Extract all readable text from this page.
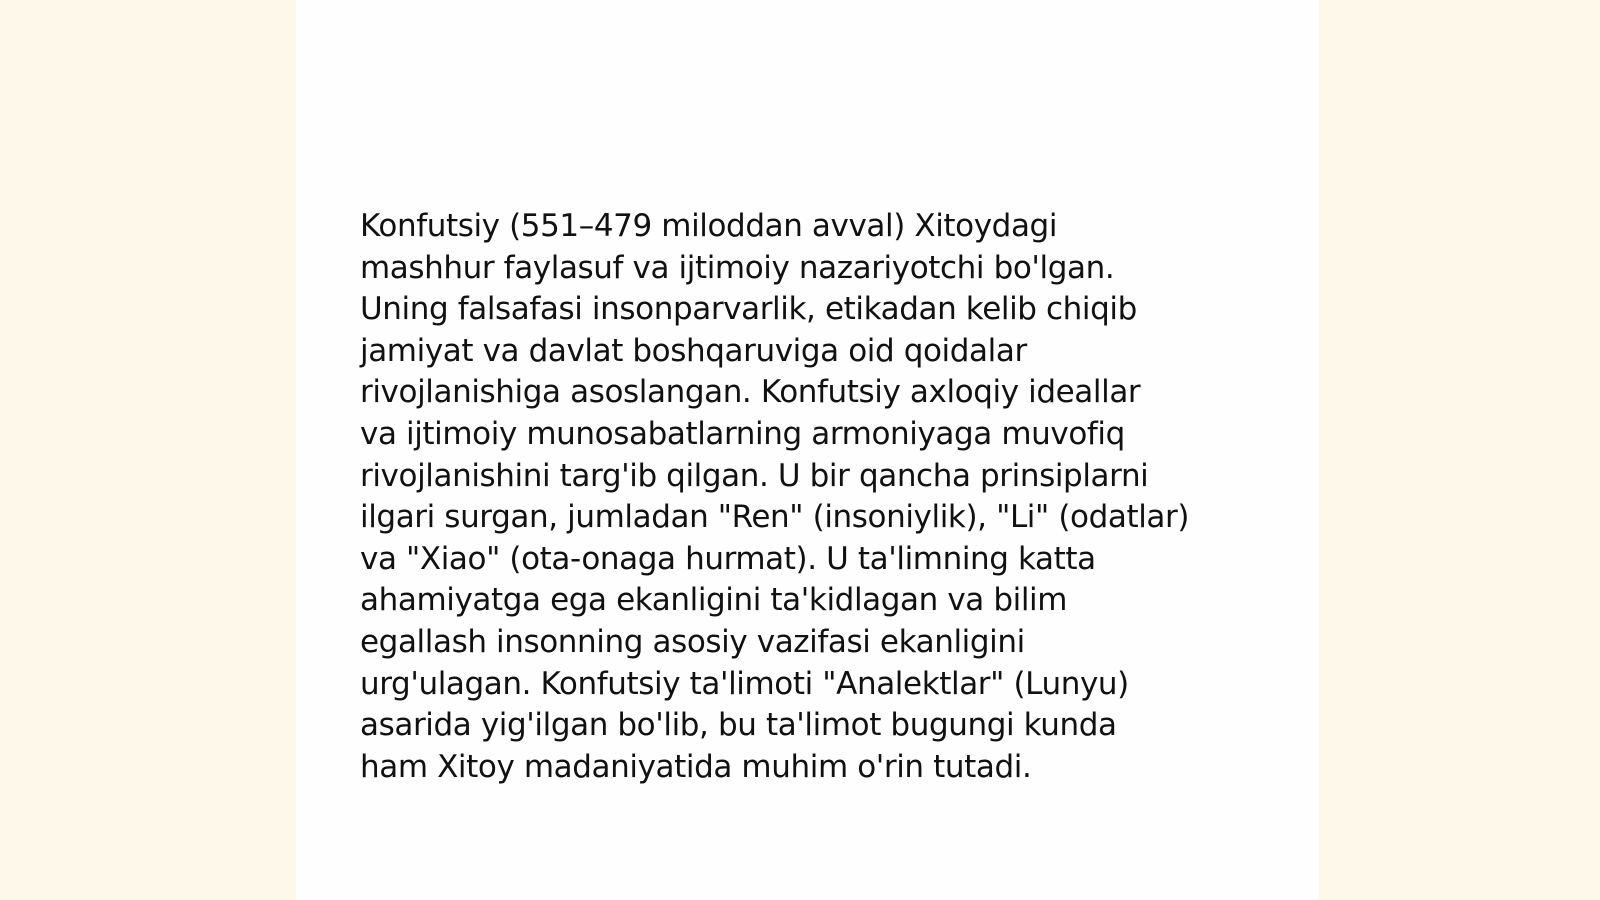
Konfutsiy (551–479 miloddan avval) Xitoydagi
mashhur faylasuf va ijtimoiy nazariyotchi bo'lgan.
Uning falsafasi insonparvarlik, etikadan kelib chiqib
jamiyat va davlat boshqaruviga oid qoidalar
rivojlanishiga asoslangan. Konfutsiy axloqiy ideallar
va ijtimoiy munosabatlarning armoniyaga muvofiq
rivojlanishini targ'ib qilgan. U bir qancha prinsiplarni
ilgari surgan, jumladan "Ren" (insoniylik), "Li" (odatlar)
va "Xiao" (ota-onaga hurmat). U ta'limning katta
ahamiyatga ega ekanligini ta'kidlagan va bilim
egallash insonning asosiy vazifasi ekanligini
urg'ulagan. Konfutsiy ta'limoti "Analektlar" (Lunyu)
asarida yig'ilgan bo'lib, bu ta'limot bugungi kunda
ham Xitoy madaniyatida muhim o'rin tutadi.
